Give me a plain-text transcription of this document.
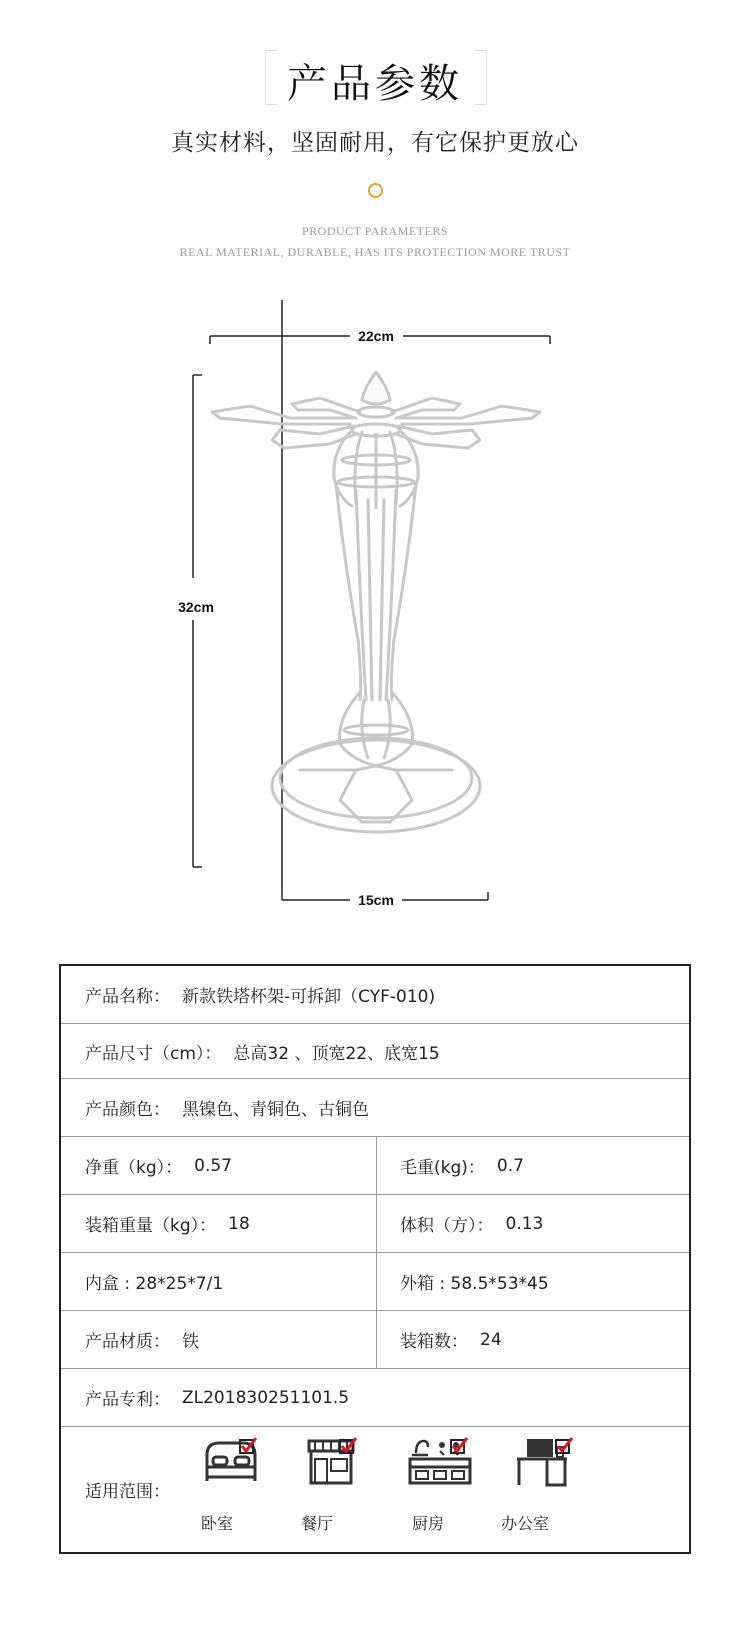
产品参数
真实材料，坚固耐用，有它保护更放心
PRODUCT PARAMETERS
REAL MATERIAL, DURABLE, HAS ITS PROTECTION MORE TRUST
22cm
32cm
15cm
产品名称： 新款铁塔杯架-可拆卸（CYF-010)
产品尺寸（cm）： 总高32 、顶宽22、底宽15
产品颜色： 黑镍色、青铜色、古铜色
净重（kg）： 0.57	毛重(kg)： 0.7
装箱重量（kg）： 18	体积（方）： 0.13
内盒 : 28*25*7/1	外箱 : 58.5*53*45
产品材质： 铁	装箱数： 24
产品专利： ZL201830251101.5
适用范围：
卧室	餐厅	厨房	办公室
